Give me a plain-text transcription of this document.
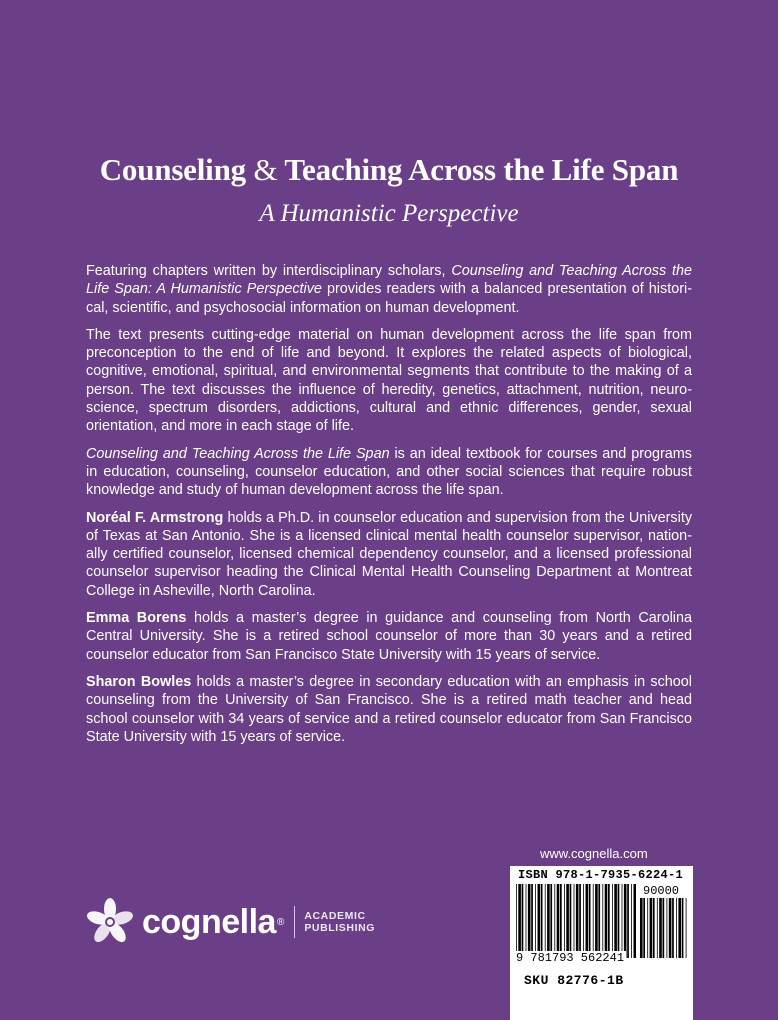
Counseling & Teaching Across the Life Span
A Humanistic Perspective

Featuring chapters written by interdisciplinary scholars, Counseling and Teaching Across the Life Span: A Humanistic Perspective provides readers with a balanced presentation of historical, scientific, and psychosocial information on human development.

The text presents cutting-edge material on human development across the life span from preconception to the end of life and beyond. It explores the related aspects of biological, cognitive, emotional, spiritual, and environmental segments that contribute to the making of a person. The text discusses the influence of heredity, genetics, attachment, nutrition, neuroscience, spectrum disorders, addictions, cultural and ethnic differences, gender, sexual orientation, and more in each stage of life.

Counseling and Teaching Across the Life Span is an ideal textbook for courses and programs in education, counseling, counselor education, and other social sciences that require robust knowledge and study of human development across the life span.

Noréal F. Armstrong holds a Ph.D. in counselor education and supervision from the University of Texas at San Antonio. She is a licensed clinical mental health counselor supervisor, nationally certified counselor, licensed chemical dependency counselor, and a licensed professional counselor supervisor heading the Clinical Mental Health Counseling Department at Montreat College in Asheville, North Carolina.

Emma Borens holds a master’s degree in guidance and counseling from North Carolina Central University. She is a retired school counselor of more than 30 years and a retired counselor educator from San Francisco State University with 15 years of service.

Sharon Bowles holds a master’s degree in secondary education with an emphasis in school counseling from the University of San Francisco. She is a retired math teacher and head school counselor with 34 years of service and a retired counselor educator from San Francisco State University with 15 years of service.

www.cognella.com
ISBN 978-1-7935-6224-1
90000
9 781793 562241
SKU 82776-1B
cognella ® ACADEMIC
PUBLISHING
